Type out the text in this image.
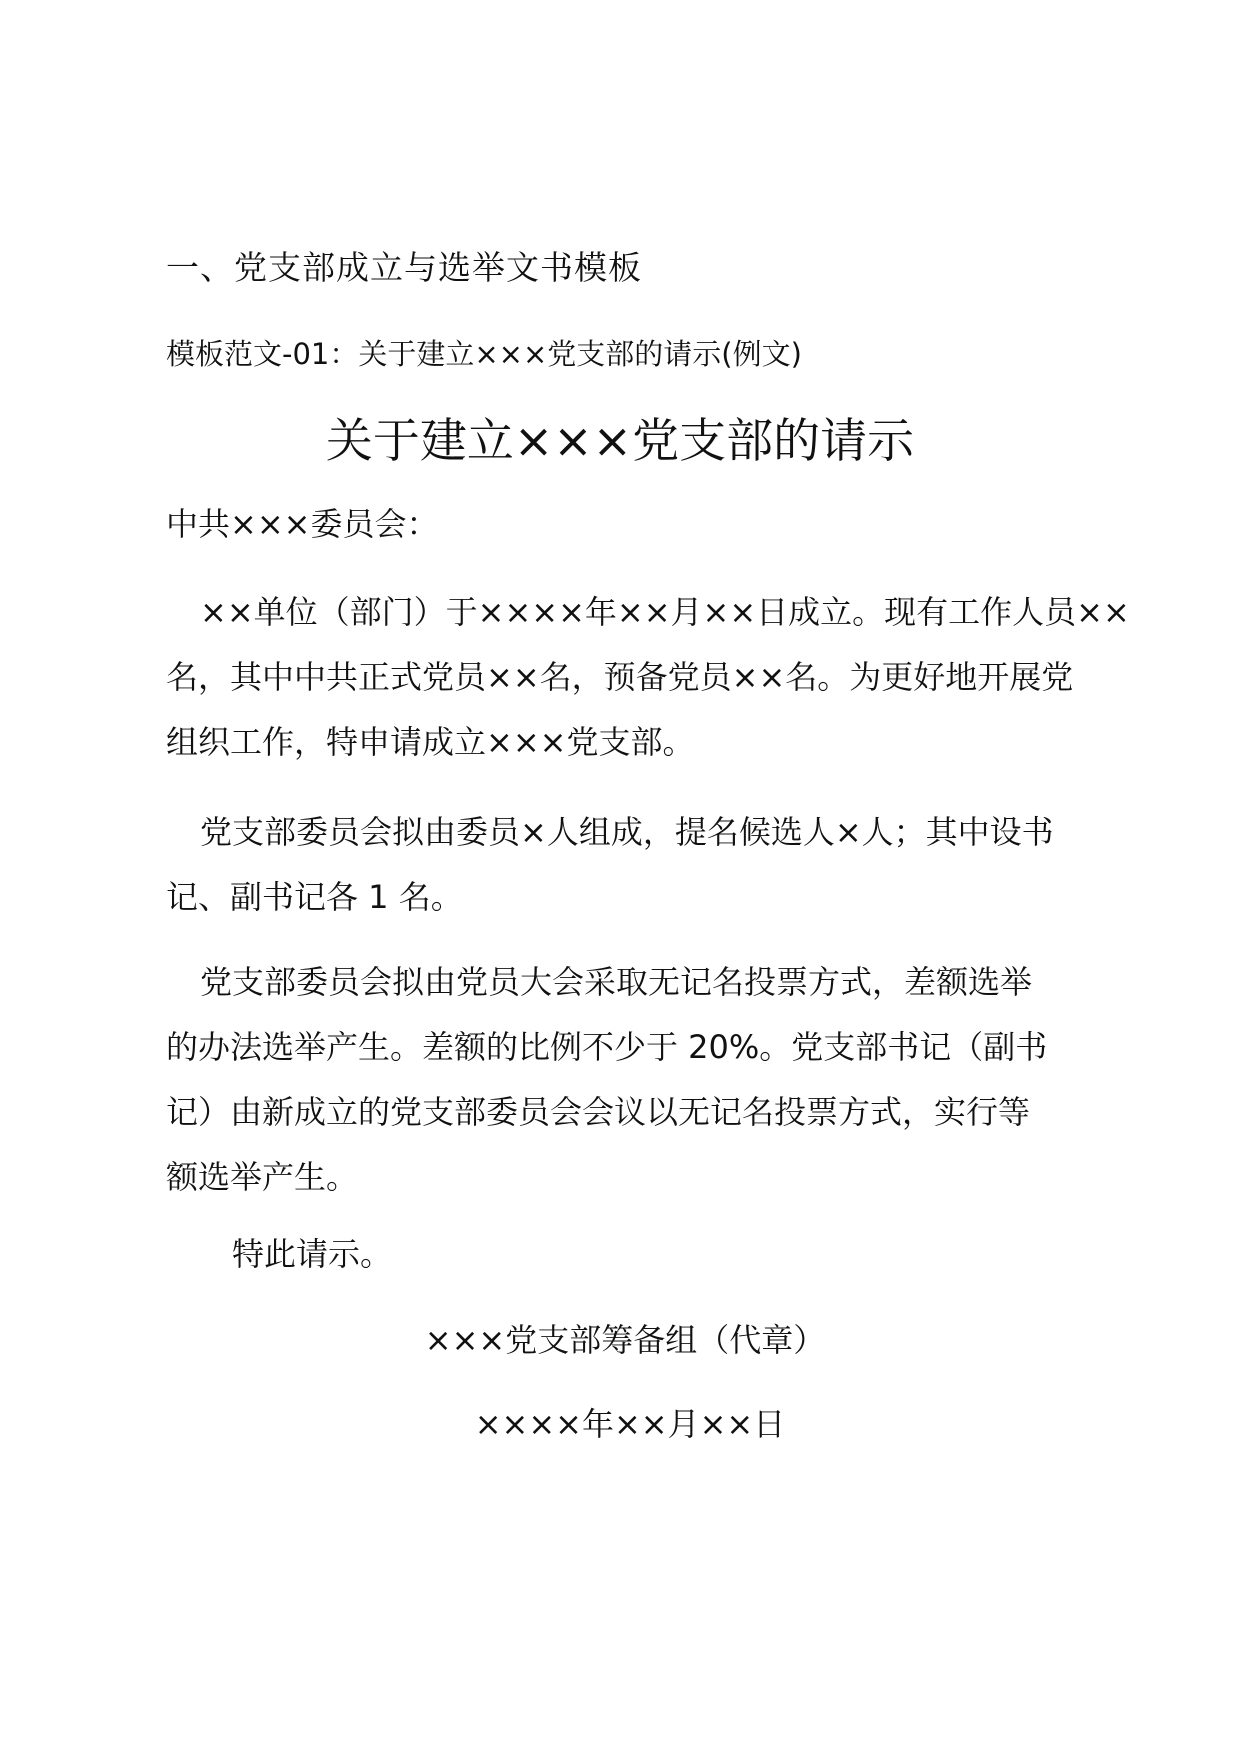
一、党支部成立与选举文书模板

模板范文-01：关于建立×××党支部的请示(例文)

关于建立×××党支部的请示

中共×××委员会：

××单位（部门）于××××年××月××日成立。现有工作人员××
名，其中中共正式党员××名，预备党员××名。为更好地开展党
组织工作，特申请成立×××党支部。
党支部委员会拟由委员×人组成，提名候选人×人；其中设书
记、副书记各 1 名。
党支部委员会拟由党员大会采取无记名投票方式，差额选举
的办法选举产生。差额的比例不少于 20%。党支部书记（副书
记）由新成立的党支部委员会会议以无记名投票方式，实行等
额选举产生。

特此请示。

×××党支部筹备组（代章）

××××年××月××日
